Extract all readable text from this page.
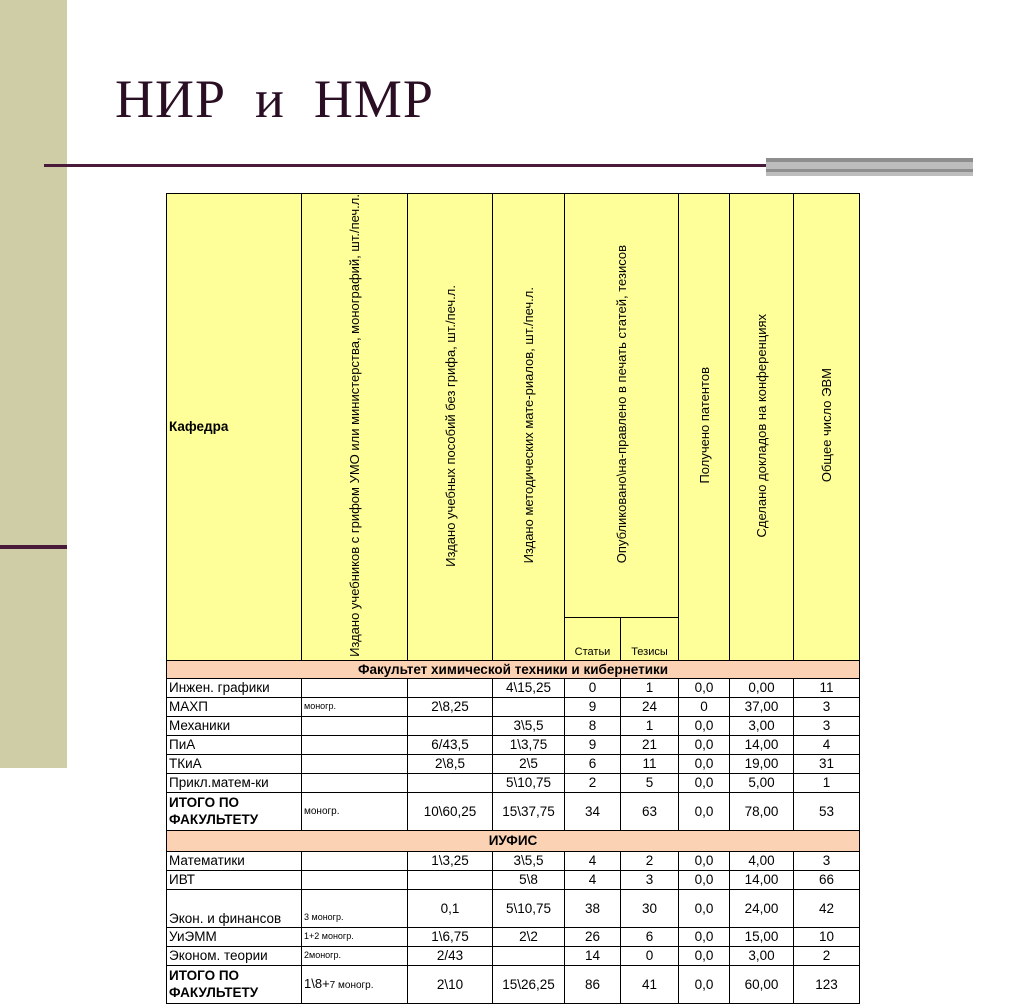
НИР  и  НМР
Кафедра	Издано учебников с грифом УМО или министерства, монографий, шт./печ.л.	Издано учебных пособий без грифа, шт./печ.л.	Издано методических мате-риалов, шт./печ.л.	Опубликовано\на-правлено в печать статей, тезисов		Получено патентов	Сделано докладов на конференциях	Общее число ЭВМ
				Статьи	Тезисы			
Факультет химической техники и кибернетики								
Инжен. графики			4\15,25	0	1	0,0	0,00	11
МАХП	моногр.	2\8,25		9	24	0	37,00	3
Механики			3\5,5	8	1	0,0	3,00	3
ПиА		6/43,5	1\3,75	9	21	0,0	14,00	4
ТКиА		2\8,5	2\5	6	11	0,0	19,00	31
Прикл.матем-ки			5\10,75	2	5	0,0	5,00	1
ИТОГО ПО ФАКУЛЬТЕТУ	моногр.	10\60,25	15\37,75	34	63	0,0	78,00	53
ИУФИС								
Математики		1\3,25	3\5,5	4	2	0,0	4,00	3
ИВТ			5\8	4	3	0,0	14,00	66
Экон. и финансов	3 моногр.	0,1	5\10,75	38	30	0,0	24,00	42
УиЭММ	1+2 моногр.	1\6,75	2\2	26	6	0,0	15,00	10
Эконом. теории	2моногр.	2/43		14	0	0,0	3,00	2
ИТОГО ПО ФАКУЛЬТЕТУ	1\8+7 моногр.	2\10	15\26,25	86	41	0,0	60,00	123
